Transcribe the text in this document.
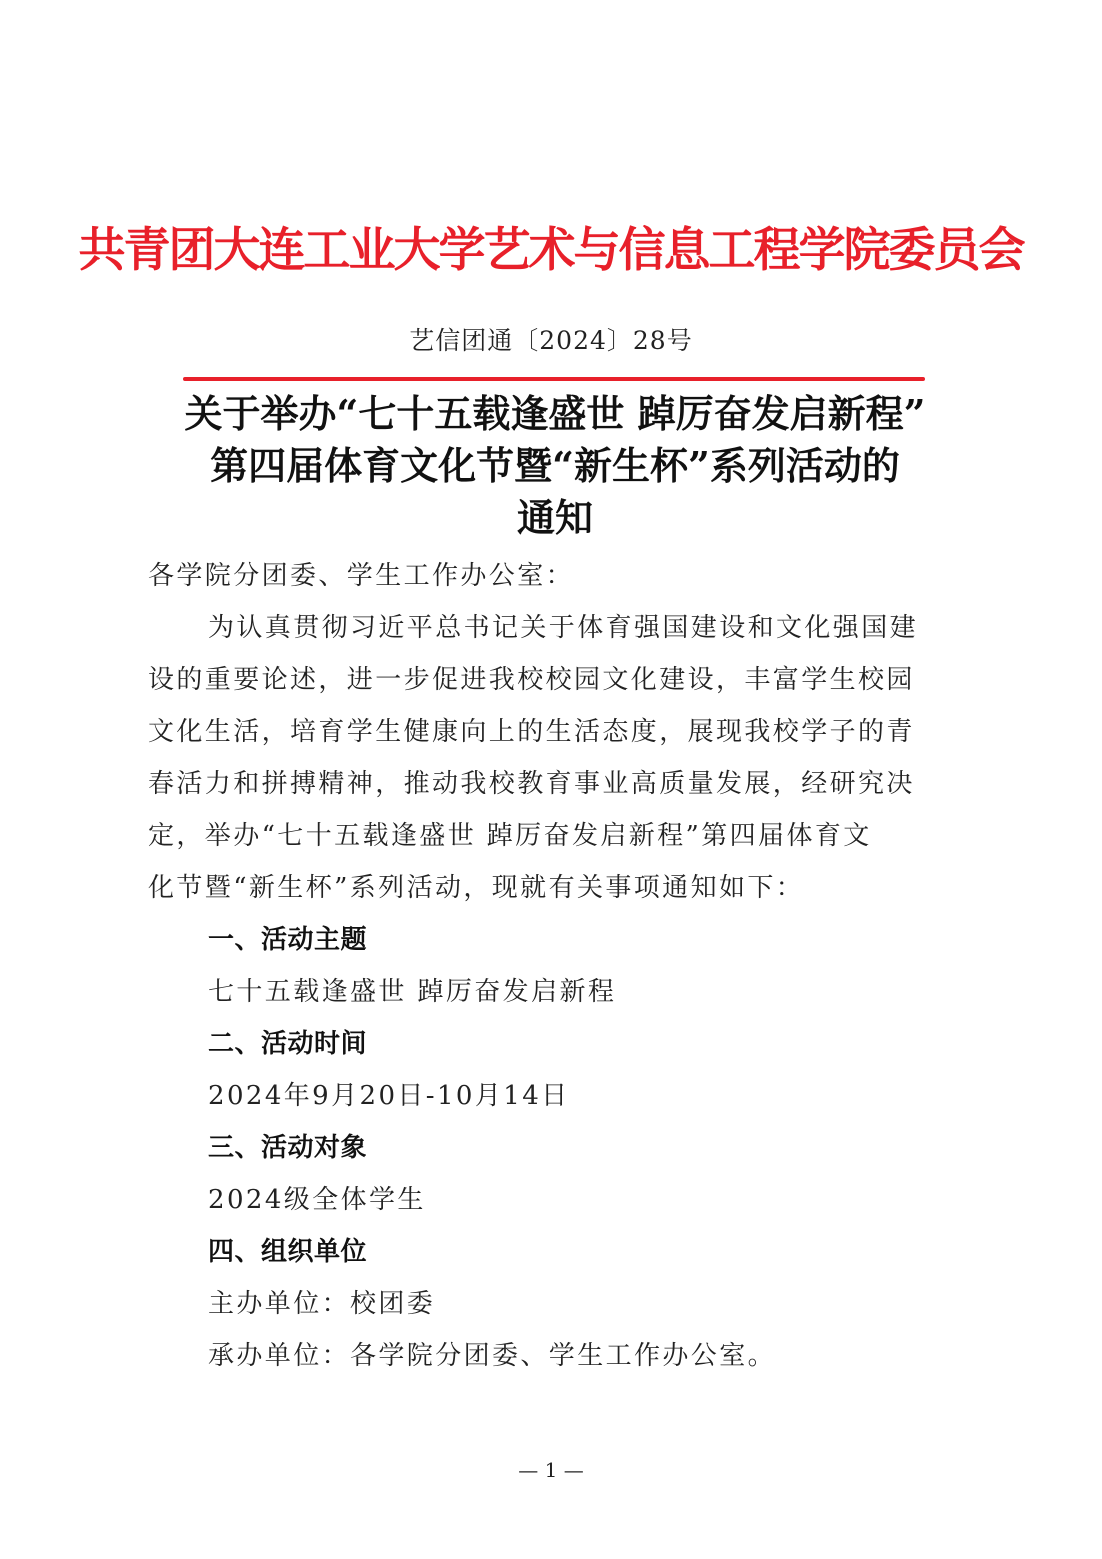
共青团大连工业大学艺术与信息工程学院委员会
艺信团通〔2024〕28号
关于举办“七十五载逢盛世 踔厉奋发启新程”
第四届体育文化节暨“新生杯”系列活动的
通知

各学院分团委、学生工作办公室：

为认真贯彻习近平总书记关于体育强国建设和文化强国建

设的重要论述，进一步促进我校校园文化建设，丰富学生校园

文化生活，培育学生健康向上的生活态度，展现我校学子的青

春活力和拼搏精神，推动我校教育事业高质量发展，经研究决

定，举办“七十五载逢盛世 踔厉奋发启新程”第四届体育文

化节暨“新生杯”系列活动，现就有关事项通知如下：

一、活动主题

七十五载逢盛世 踔厉奋发启新程

二、活动时间

2024年9月20日-10月14日

三、活动对象

2024级全体学生

四、组织单位

主办单位：校团委

承办单位：各学院分团委、学生工作办公室。

— 1 —
